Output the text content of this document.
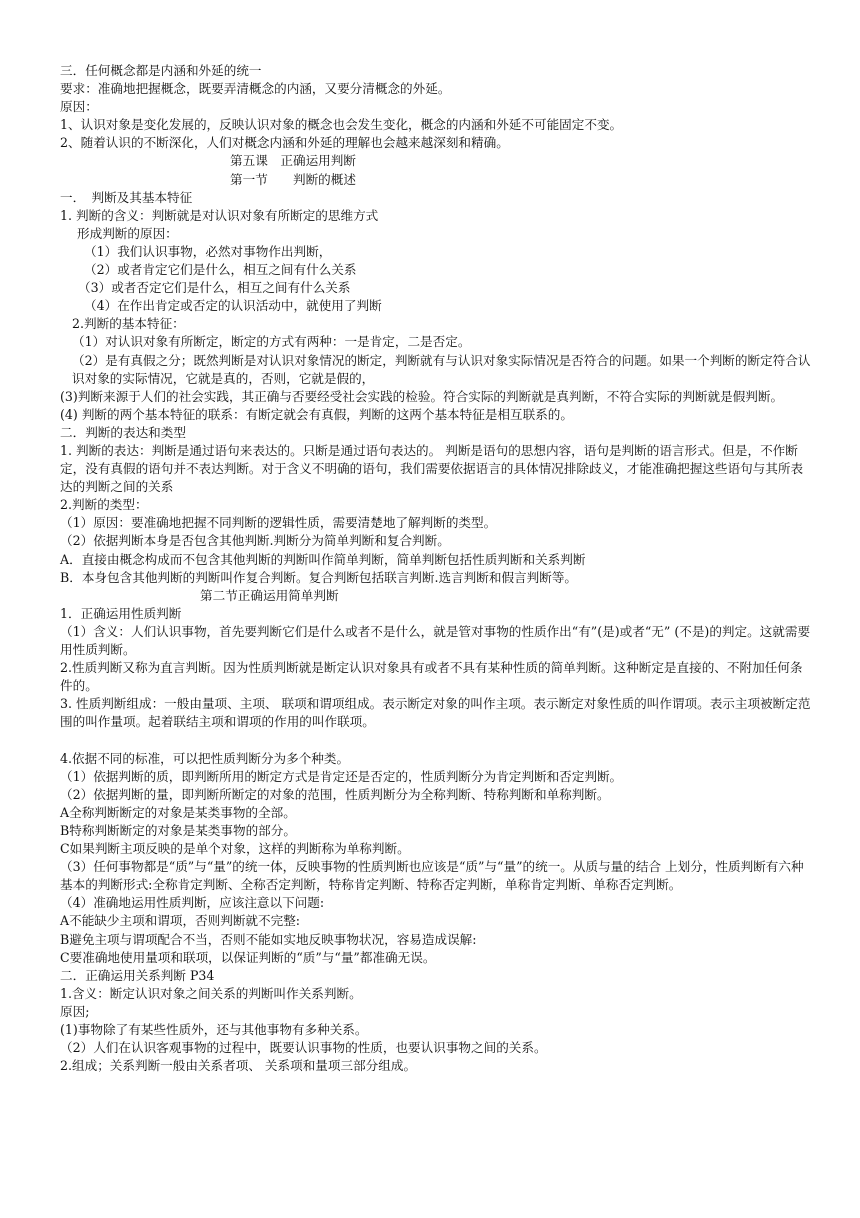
三．任何概念都是内涵和外延的统一

要求：准确地把握概念，既要弄清概念的内涵，又要分清概念的外延。

原因：

1、认识对象是变化发展的，反映认识对象的概念也会发生变化，概念的内涵和外延不可能固定不变。

2、随着认识的不断深化，人们对概念内涵和外延的理解也会越来越深刻和精确。

第五课　正确运用判断

第一节　　判断的概述

一．　判断及其基本特征

1. 判断的含义：判断就是对认识对象有所断定的思维方式

形成判断的原因：

（1）我们认识事物，必然对事物作出判断，

（2）或者肯定它们是什么，相互之间有什么关系

（3）或者否定它们是什么，相互之间有什么关系

（4）在作出肯定或否定的认识活动中，就使用了判断

2.判断的基本特征：

（1）对认识对象有所断定，断定的方式有两种：一是肯定，二是否定。

（2）是有真假之分；既然判断是对认识对象情况的断定，判断就有与认识对象实际情况是否符合的问题。如果一个判断的断定符合认识对象的实际情况，它就是真的，否则，它就是假的，

(3)判断来源于人们的社会实践，其正确与否要经受社会实践的检验。符合实际的判断就是真判断，不符合实际的判断就是假判断。

(4) 判断的两个基本特征的联系：有断定就会有真假，判断的这两个基本特征是相互联系的。

二．判断的表达和类型

1. 判断的表达：判断是通过语句来表达的。只断是通过语句表达的。 判断是语句的思想内容，语句是判断的语言形式。但是，不作断定，没有真假的语句并不表达判断。对于含义不明确的语句，我们需要依据语言的具体情况排除歧义，才能准确把握这些语句与其所表达的判断之间的关系

2.判断的类型：

（1）原因：要准确地把握不同判断的逻辑性质，需要清楚地了解判断的类型。

（2）依据判断本身是否包含其他判断.判断分为简单判断和复合判断。

A．直接由概念构成而不包含其他判断的判断叫作简单判断，简单判断包括性质判断和关系判断

B．本身包含其他判断的判断叫作复合判断。复合判断包括联言判断.选言判断和假言判断等。

第二节正确运用简单判断

1．正确运用性质判断

（1）含义：人们认识事物，首先要判断它们是什么或者不是什么，就是管对事物的性质作出“有”(是)或者“无” (不是)的判定。这就需要用性质判断。

2.性质判断又称为直言判断。因为性质判断就是断定认识对象具有或者不具有某种性质的简单判断。这种断定是直接的、不附加任何条件的。

3. 性质判断组成：一般由量项、主项、 联项和谓项组成。表示断定对象的叫作主项。表示断定对象性质的叫作谓项。表示主项被断定范围的叫作量项。起着联结主项和谓项的作用的叫作联项。

4.依据不同的标准，可以把性质判断分为多个种类。

（1）依据判断的质，即判断所用的断定方式是肯定还是否定的，性质判断分为肯定判断和否定判断。

（2）依据判断的量，即判断所断定的对象的范围，性质判断分为全称判断、特称判断和单称判断。

A全称判断断定的对象是某类事物的全部。

B特称判断断定的对象是某类事物的部分。

C如果判断主项反映的是单个对象，这样的判断称为单称判断。

（3）任何事物都是“质”与“量”的统一体，反映事物的性质判断也应该是“质”与“量”的统一。从质与量的结合 上划分，性质判断有六种基本的判断形式:全称肯定判断、全称否定判断，特称肯定判断、特称否定判断，单称肯定判断、单称否定判断。

（4）准确地运用性质判断，应该注意以下问题:

A不能缺少主项和谓项，否则判断就不完整:

B避免主项与谓项配合不当，否则不能如实地反映事物状况，容易造成误解:

C要准确地使用量项和联项，以保证判断的“质”与“量”都准确无误。

二．正确运用关系判断 P34

1.含义：断定认识对象之间关系的判断叫作关系判断。

原因;

(1)事物除了有某些性质外，还与其他事物有多种关系。

（2）人们在认识客观事物的过程中，既要认识事物的性质，也要认识事物之间的关系。

2.组成；关系判断一般由关系者项、 关系项和量项三部分组成。
